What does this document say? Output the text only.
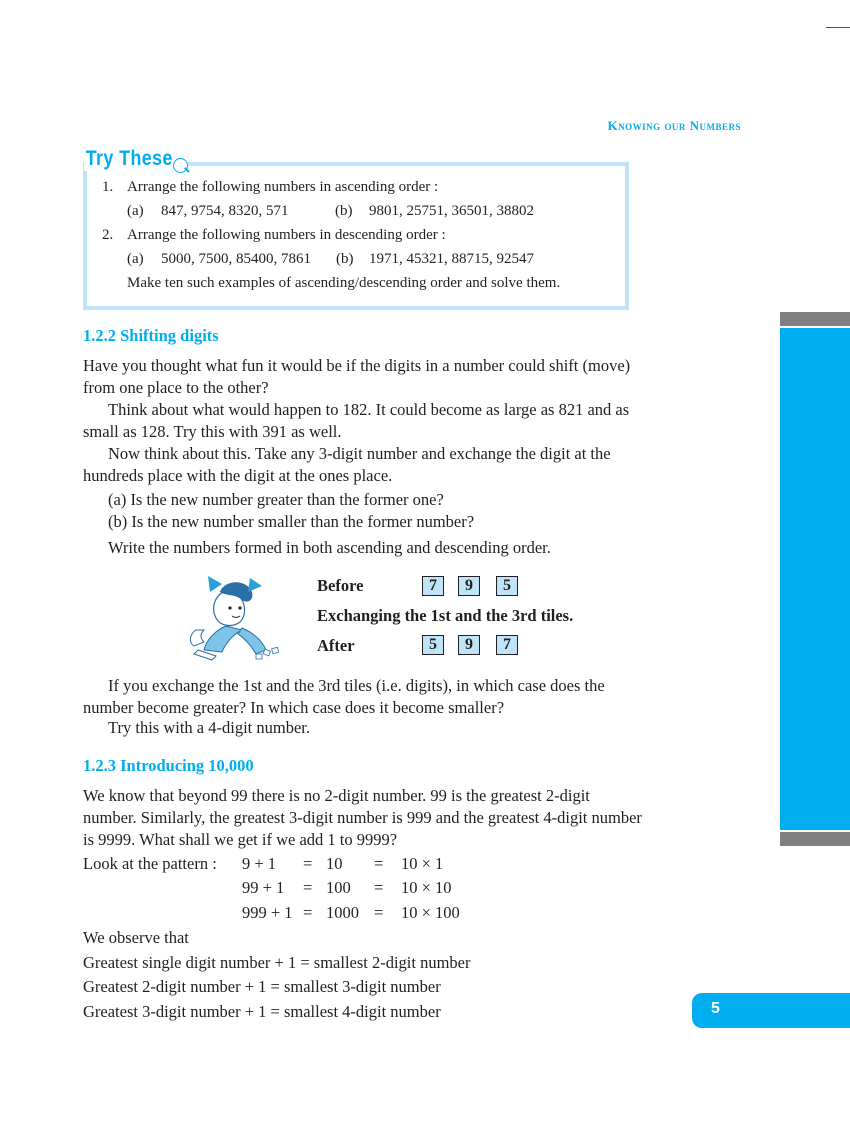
Knowing our Numbers
5
Try These
1. Arrange the following numbers in ascending order :
(a) 847, 9754, 8320, 571	(b) 9801, 25751, 36501, 38802
2. Arrange the following numbers in descending order :
(a) 5000, 7500, 85400, 7861 (b) 1971, 45321, 88715, 92547
Make ten such examples of ascending/descending order and solve them.
1.2.2 Shifting digits
Have you thought what fun it would be if the digits in a number could shift (move) from one place to the other?
Think about what would happen to 182. It could become as large as 821 and as small as 128. Try this with 391 as well.
Now think about this. Take any 3-digit number and exchange the digit at the hundreds place with the digit at the ones place.
(a) Is the new number greater than the former one?
(b) Is the new number smaller than the former number?
Write the numbers formed in both ascending and descending order.
Before	7	9	5
Exchanging the 1st and the 3rd tiles.
After	5	9	7
If you exchange the 1st and the 3rd tiles (i.e. digits), in which case does the number become greater? In which case does it become smaller?
Try this with a 4-digit number.
1.2.3 Introducing 10,000
We know that beyond 99 there is no 2-digit number. 99 is the greatest 2-digit number. Similarly, the greatest 3-digit number is 999 and the greatest 4-digit number is 9999. What shall we get if we add 1 to 9999?
Look at the pattern : 9 + 1 = 10 = 10 × 1
99 + 1 = 100 = 10 × 10
999 + 1 = 1000 = 10 × 100
We observe that
Greatest single digit number + 1 = smallest 2-digit number
Greatest 2-digit number + 1 = smallest 3-digit number
Greatest 3-digit number + 1 = smallest 4-digit number
